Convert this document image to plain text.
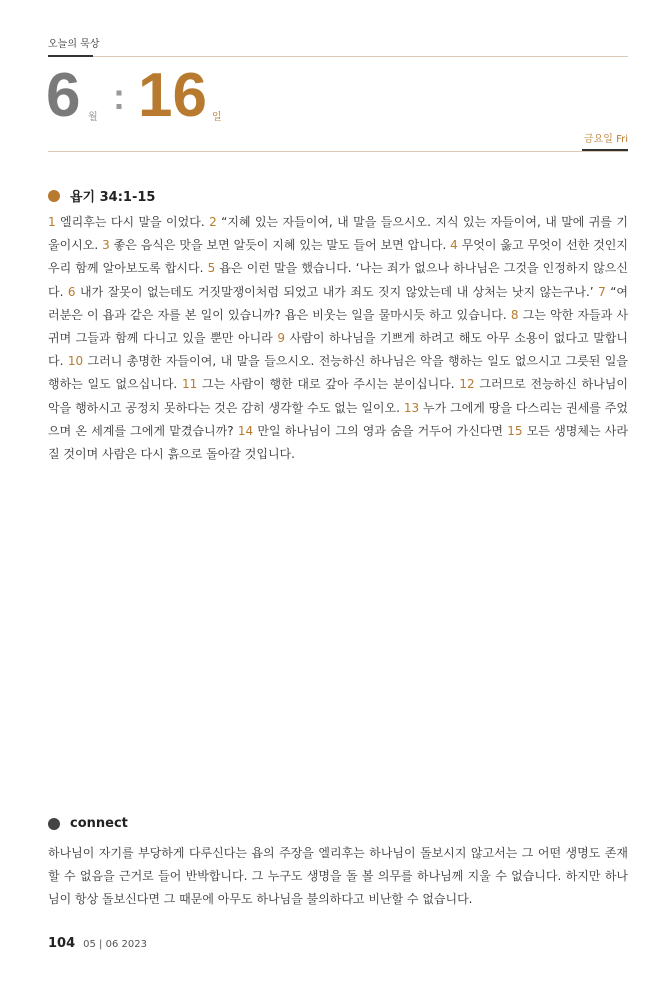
오늘의 묵상
6 월
: 16 일
금요일 Fri
욥기 34:1-15
1 엘리후는 다시 말을 이었다. 2 “지혜 있는 자들이여, 내 말을 들으시오. 지식 있는 자들이여, 내 말에 귀를 기울이시오. 3 좋은 음식은 맛을 보면 알듯이 지혜 있는 말도 들어 보면 압니다. 4 무엇이 옳고 무엇이 선한 것인지 우리 함께 알아보도록 합시다. 5 욥은 이런 말을 했습니다. ‘나는 죄가 없으나 하나님은 그것을 인정하지 않으신다. 6 내가 잘못이 없는데도 거짓말쟁이처럼 되었고 내가 죄도 짓지 않았는데 내 상처는 낫지 않는구나.’ 7 “여러분은 이 욥과 같은 자를 본 일이 있습니까? 욥은 비웃는 일을 물마시듯 하고 있습니다. 8 그는 악한 자들과 사귀며 그들과 함께 다니고 있을 뿐만 아니라 9 사람이 하나님을 기쁘게 하려고 해도 아무 소용이 없다고 말합니다. 10 그러니 총명한 자들이여, 내 말을 들으시오. 전능하신 하나님은 악을 행하는 일도 없으시고 그릇된 일을 행하는 일도 없으십니다. 11 그는 사람이 행한 대로 갚아 주시는 분이십니다. 12 그러므로 전능하신 하나님이 악을 행하시고 공정치 못하다는 것은 감히 생각할 수도 없는 일이오. 13 누가 그에게 땅을 다스리는 권세를 주었으며 온 세계를 그에게 맡겼습니까? 14 만일 하나님이 그의 영과 숨을 거두어 가신다면 15 모든 생명체는 사라질 것이며 사람은 다시 흙으로 돌아갈 것입니다.
connect
하나님이 자기를 부당하게 다루신다는 욥의 주장을 엘리후는 하나님이 돌보시지 않고서는 그 어떤 생명도 존재할 수 없음을 근거로 들어 반박합니다. 그 누구도 생명을 돌 볼 의무를 하나님께 지울 수 없습니다. 하지만 하나님이 항상 돌보신다면 그 때문에 아무도 하나님을 불의하다고 비난할 수 없습니다.
104 05 | 06 2023
